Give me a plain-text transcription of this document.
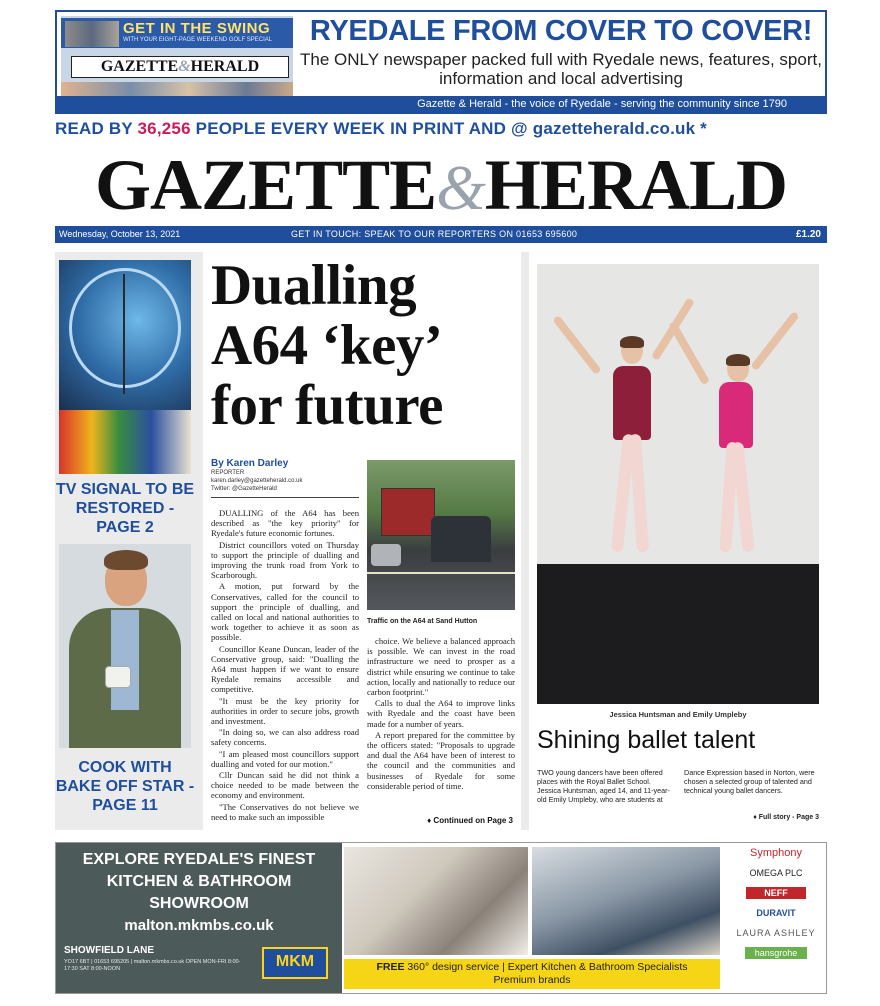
GET IN THE SWING
WITH YOUR EIGHT-PAGE WEEKEND GOLF SPECIAL
GAZETTE&HERALD
RYEDALE FROM COVER TO COVER!
The ONLY newspaper packed full with Ryedale news, features, sport, information and local advertising
Gazette & Herald - the voice of Ryedale - serving the community since 1790
READ BY 36,256 PEOPLE EVERY WEEK IN PRINT AND @ gazetteherald.co.uk *
GAZETTE&HERALD
Wednesday, October 13, 2021	GET IN TOUCH: SPEAK TO OUR REPORTERS ON 01653 695600	£1.20
TV SIGNAL TO BE RESTORED - PAGE 2
COOK WITH BAKE OFF STAR - PAGE 11
Dualling A64 ‘key’ for future
By Karen Darley
REPORTER
karen.darley@gazetteherald.co.uk
Twitter: @GazetteHerald

DUALLING of the A64 has been described as "the key priority" for Ryedale's future economic fortunes.

District councillors voted on Thursday to support the principle of dualling and improving the trunk road from York to Scarborough.

A motion, put forward by the Conservatives, called for the council to support the principle of dualling, and called on local and national authorities to work together to achieve it as soon as possible.

Councillor Keane Duncan, leader of the Conservative group, said: "Dualling the A64 must happen if we want to ensure Ryedale remains accessible and competitive.

"It must be the key priority for authorities in order to secure jobs, growth and investment.

"In doing so, we can also address road safety concerns.

"I am pleased most councillors support dualling and voted for our motion."

Cllr Duncan said he did not think a choice needed to be made between the economy and environment.

"The Conservatives do not believe we need to make such an impossible

Traffic on the A64 at Sand Hutton

choice. We believe a balanced approach is possible. We can invest in the road infrastructure we need to prosper as a district while ensuring we continue to take action, locally and nationally to reduce our carbon footprint."

Calls to dual the A64 to improve links with Ryedale and the coast have been made for a number of years.

A report prepared for the committee by the officers stated: "Proposals to upgrade and dual the A64 have been of interest to the council and the communities and businesses of Ryedale for some considerable period of time.

♦ Continued on Page 3
Jessica Huntsman and Emily Umpleby
Shining ballet talent
TWO young dancers have been offered places with the Royal Ballet School. Jessica Huntsman, aged 14, and 11-year-old Emily Umpleby, who are students at Dance Expression based in Norton, were chosen a selected group of talented and technical young ballet dancers.
♦ Full story - Page 3
EXPLORE RYEDALE'S FINEST
KITCHEN & BATHROOM
SHOWROOM
malton.mkmbs.co.uk
SHOWFIELD LANE
YO17 6BT | 01653 695205 | malton.mkmbs.co.uk OPEN MON-FRI 8:00-17:30 SAT 8:00-NOON	MKM	FREE 360° design service | Expert Kitchen & Bathroom Specialists
Premium brands
Symphony
OMEGA PLC
NEFF
DURAVIT
LAURA ASHLEY
hansgrohe
